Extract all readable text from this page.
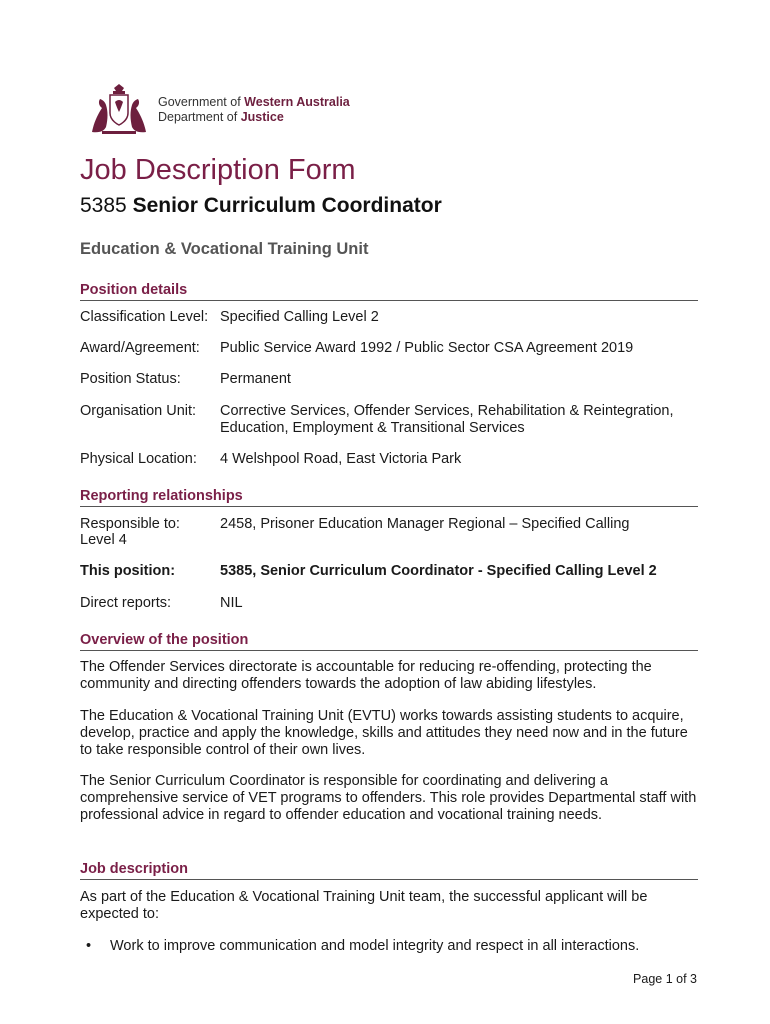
Government of Western Australia
Department of Justice
Job Description Form
5385 Senior Curriculum Coordinator
Education & Vocational Training Unit
Position details
Classification Level: Specified Calling Level 2
Award/Agreement:	Public Service Award 1992 / Public Sector CSA Agreement 2019
Position Status:	Permanent
Organisation Unit:	Corrective Services, Offender Services, Rehabilitation & Reintegration, Education, Employment & Transitional Services
Physical Location:	4 Welshpool Road, East Victoria Park
Reporting relationships
Responsible to:	2458, Prisoner Education Manager Regional – Specified Calling
Level 4
This position:	5385, Senior Curriculum Coordinator - Specified Calling Level 2
Direct reports:	NIL
Overview of the position
The Offender Services directorate is accountable for reducing re-offending, protecting the community and directing offenders towards the adoption of law abiding lifestyles.
The Education & Vocational Training Unit (EVTU) works towards assisting students to acquire, develop, practice and apply the knowledge, skills and attitudes they need now and in the future to take responsible control of their own lives.
The Senior Curriculum Coordinator is responsible for coordinating and delivering a comprehensive service of VET programs to offenders. This role provides Departmental staff with professional advice in regard to offender education and vocational training needs.
Job description
As part of the Education & Vocational Training Unit team, the successful applicant will be expected to:
•	Work to improve communication and model integrity and respect in all interactions.
Page 1 of 3
